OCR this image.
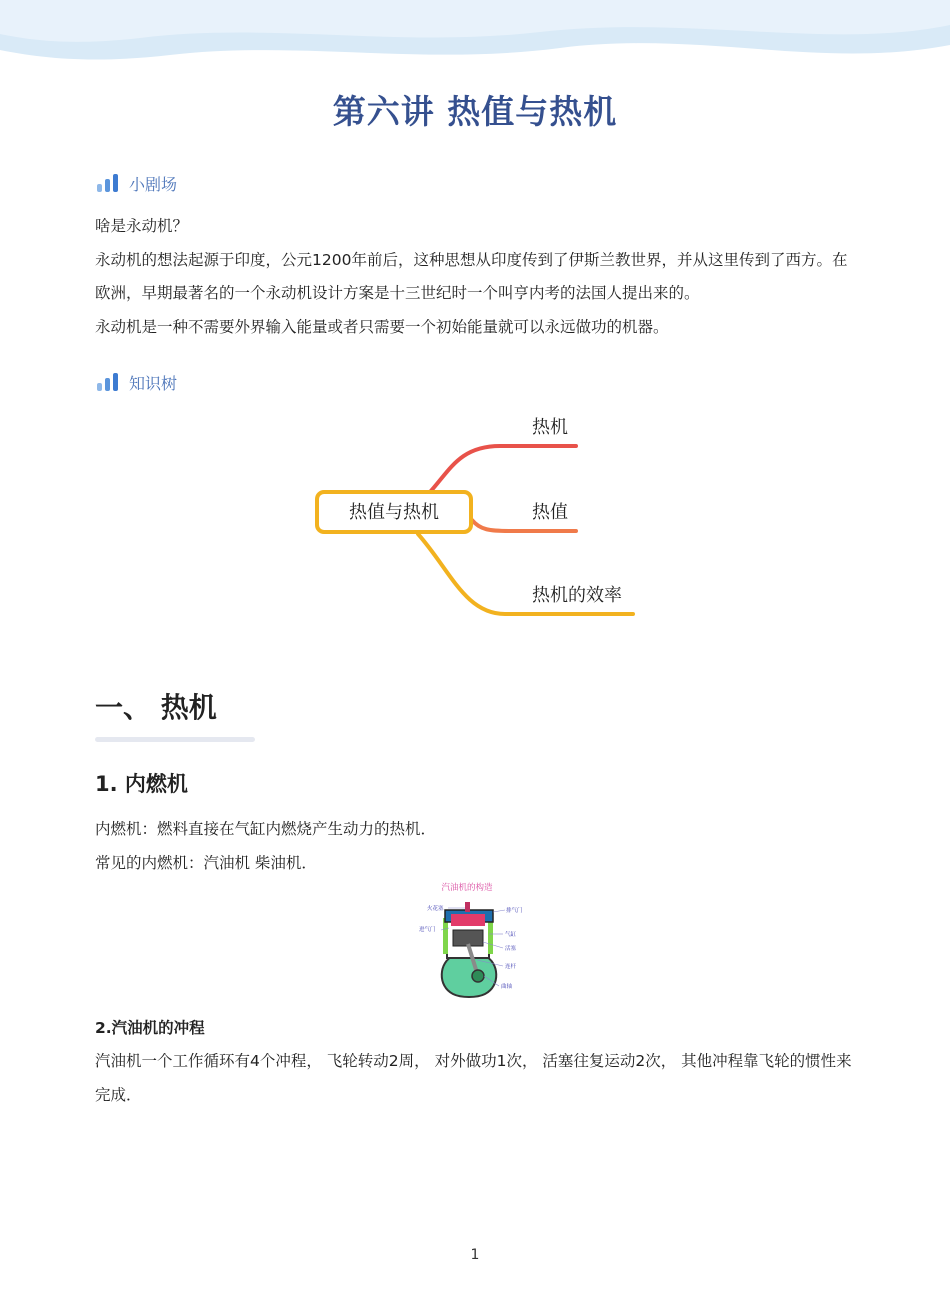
第六讲 热值与热机
小剧场

啥是永动机？

永动机的想法起源于印度，公元1200年前后，这种思想从印度传到了伊斯兰教世界，并从这里传到了西方。在欧洲，早期最著名的一个永动机设计方案是十三世纪时一个叫亨内考的法国人提出来的。

永动机是一种不需要外界输入能量或者只需要一个初始能量就可以永远做功的机器。

知识树
热值与热机
热机
热值
热机的效率
一、 热机
1. 内燃机

内燃机：燃料直接在气缸内燃烧产生动力的热机．

常见的内燃机：汽油机 柴油机．

汽油机的构造
火花塞	排气门
进气门
气缸
活塞
连杆
曲轴
2.汽油机的冲程

汽油机一个工作循环有4个冲程， 飞轮转动2周， 对外做功1次， 活塞往复运动2次， 其他冲程靠飞轮的惯性来完成．

1
